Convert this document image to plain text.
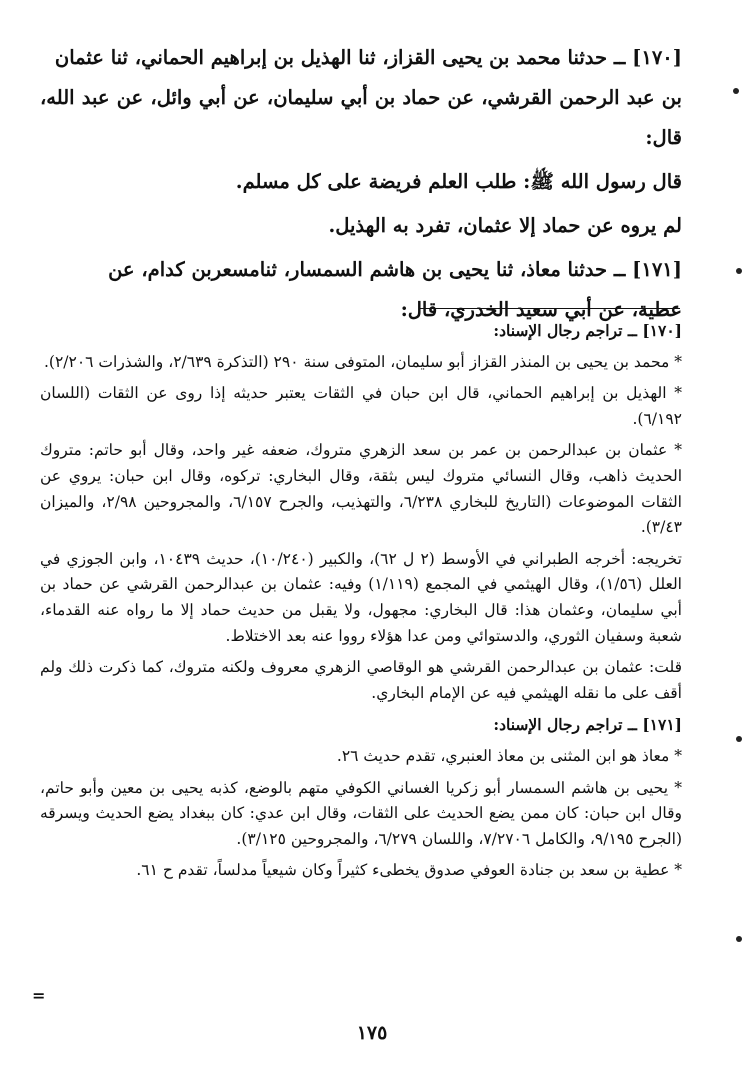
[١٧٠] ــ حدثنا محمد بن يحيى القزاز، ثنا الهذيل بن إبراهيم الحماني، ثنا عثمان

بن عبد الرحمن القرشي، عن حماد بن أبي سليمان، عن أبي وائل، عن عبد الله، قال:

قال رسول الله ﷺ: طلب العلم فريضة على كل مسلم.

لم يروه عن حماد إلا عثمان، تفرد به الهذيل.

[١٧١] ــ حدثنا معاذ، ثنا يحيى بن هاشم السمسار، ثنامسعربن كدام، عن

عطية، عن أبي سعيد الخدري، قال:

[١٧٠] ــ تراجم رجال الإسناد:

* محمد بن يحيى بن المنذر القزاز أبو سليمان، المتوفى سنة ٢٩٠ (التذكرة ٢/٦٣٩، والشذرات ٢/٢٠٦).

* الهذيل بن إبراهيم الحماني، قال ابن حبان في الثقات يعتبر حديثه إذا روى عن الثقات (اللسان ٦/١٩٢).

* عثمان بن عبدالرحمن بن عمر بن سعد الزهري متروك، ضعفه غير واحد، وقال أبو حاتم: متروك الحديث ذاهب، وقال النسائي متروك ليس بثقة، وقال البخاري: تركوه، وقال ابن حبان: يروي عن الثقات الموضوعات (التاريخ للبخاري ٦/٢٣٨، والتهذيب، والجرح ٦/١٥٧، والمجروحين ٢/٩٨، والميزان ٣/٤٣).

تخريجه: أخرجه الطبراني في الأوسط (٢ ل ٦٢)، والكبير (١٠/٢٤٠)، حديث ١٠٤٣٩، وابن الجوزي في العلل (١/٥٦)، وقال الهيثمي في المجمع (١/١١٩) وفيه: عثمان بن عبدالرحمن القرشي عن حماد بن أبي سليمان، وعثمان هذا: قال البخاري: مجهول، ولا يقبل من حديث حماد إلا ما رواه عنه القدماء، شعبة وسفيان الثوري، والدستوائي ومن عدا هؤلاء رووا عنه بعد الاختلاط.

قلت: عثمان بن عبدالرحمن القرشي هو الوقاصي الزهري معروف ولكنه متروك، كما ذكرت ذلك ولم أقف على ما نقله الهيثمي فيه عن الإمام البخاري.

[١٧١] ــ تراجم رجال الإسناد:

* معاذ هو ابن المثنى بن معاذ العنبري، تقدم حديث ٢٦.

* يحيى بن هاشم السمسار أبو زكريا الغساني الكوفي متهم بالوضع، كذبه يحيى بن معين وأبو حاتم، وقال ابن حبان: كان ممن يضع الحديث على الثقات، وقال ابن عدي: كان ببغداد يضع الحديث ويسرقه (الجرح ٩/١٩٥، والكامل ٧/٢٧٠٦، واللسان ٦/٢٧٩، والمجروحين ٣/١٢٥).

* عطية بن سعد بن جنادة العوفي صدوق يخطىء كثيراً وكان شيعياً مدلساً، تقدم ح ٦١.

=
١٧٥
